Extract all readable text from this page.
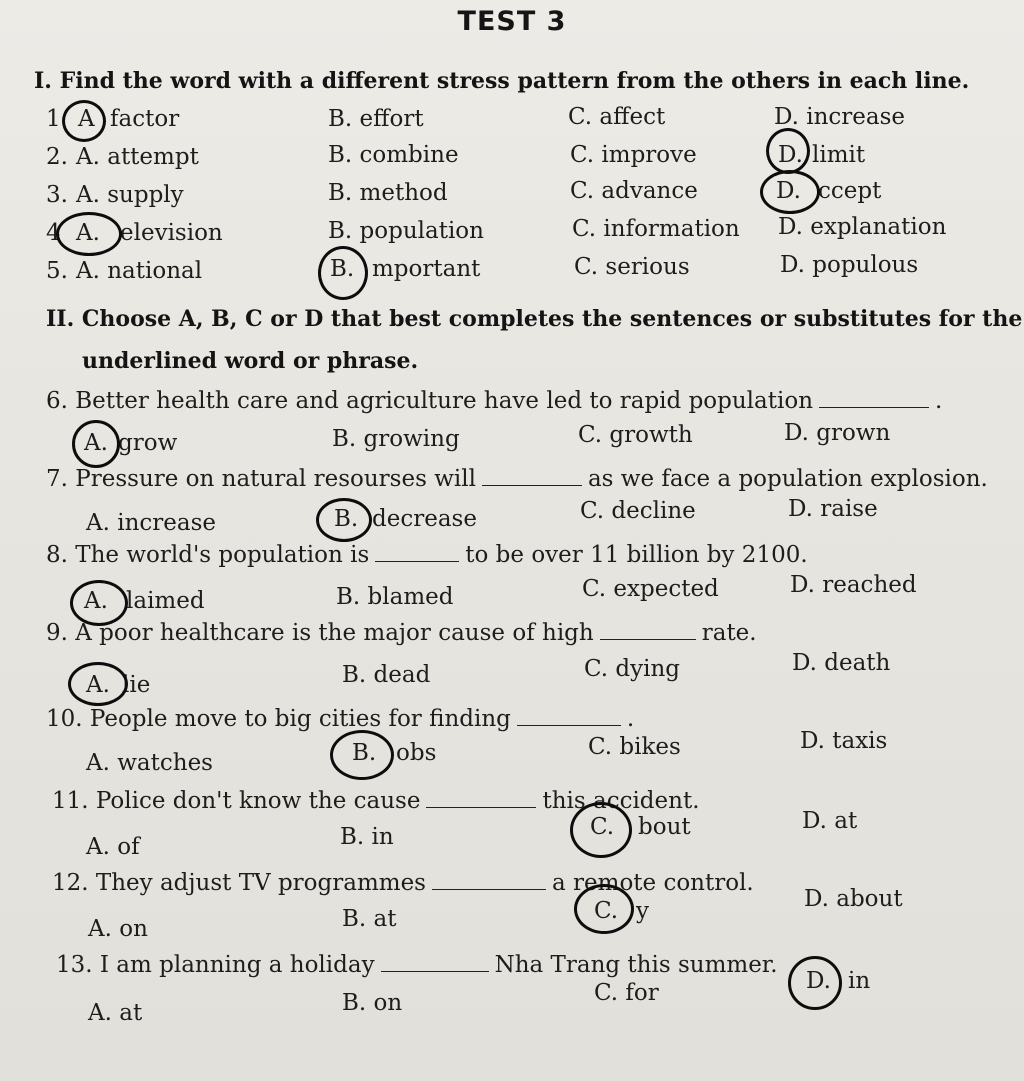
TEST 3
I. Find the word with a different stress pattern from the others in each line.
1 A factor	B. effort	C. affect	D. increase
2. A. attempt	B. combine	C. improve	D. limit
3. A. supply	B. method	C. advance	D. ccept
4 A. elevision	B. population	C. information D. explanation
5. A. national	B. mportant	C. serious	D. populous
II. Choose A, B, C or D that best completes the sentences or substitutes for the
underlined word or phrase.
6. Better health care and agriculture have led to rapid population	.
A. grow	B. growing	C. growth	D. grown
7. Pressure on natural resourses will	as we face a population explosion.
A. increase	B. decrease	C. decline	D. raise
8. The world's population is	to be over 11 billion by 2100.
A. laimed	B. blamed	C. expected	D. reached
9. A poor healthcare is the major cause of high	rate.
A. lie	B. dead	C. dying	D. death
10. People move to big cities for finding	.
A. watches	B. obs	C. bikes	D. taxis
11. Police don't know the cause	this accident.
A. of	B. in	C. bout	D. at
12. They adjust TV programmes	a remote control.
A. on	B. at	C. y	D. about
13. I am planning a holiday	Nha Trang this summer.
A. at	B. on	C. for	D. in
